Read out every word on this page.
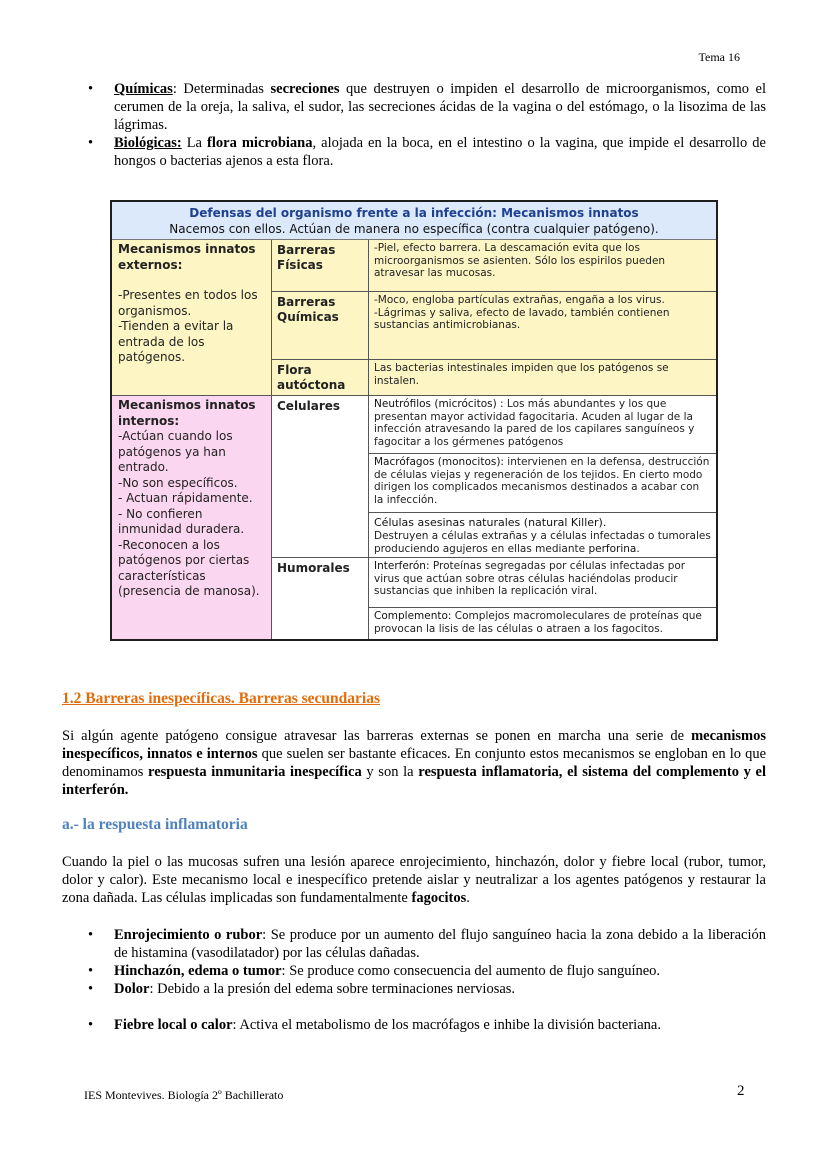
Tema 16
• Químicas: Determinadas secreciones que destruyen o impiden el desarrollo de microorganismos, como el cerumen de la oreja, la saliva, el sudor, las secreciones ácidas de la vagina o del estómago, o la lisozima de las lágrimas.
• Biológicas: La flora microbiana, alojada en la boca, en el intestino o la vagina, que impide el desarrollo de hongos o bacterias ajenos a esta flora.
Defensas del organismo frente a la infección: Mecanismos innatos
Nacemos con ellos. Actúan de manera no específica (contra cualquier patógeno).
Mecanismos innatos externos:
-Presentes en todos los organismos.
-Tienden a evitar la entrada de los patógenos.
Barreras Físicas
-Piel, efecto barrera. La descamación evita que los microorganismos se asienten. Sólo los espirilos pueden atravesar las mucosas.
Barreras Químicas
-Moco, engloba partículas extrañas, engaña a los virus.
-Lágrimas y saliva, efecto de lavado, también contienen sustancias antimicrobianas.
Flora autóctona
Las bacterias intestinales impiden que los patógenos se instalen.
Mecanismos innatos internos:
-Actúan cuando los patógenos ya han entrado.
-No son específicos.
- Actuan rápidamente.
- No confieren inmunidad duradera.
-Reconocen a los patógenos por ciertas características (presencia de manosa).
Celulares
Humorales
Neutrófilos (micrócitos) : Los más abundantes y los que presentan mayor actividad fagocitaria. Acuden al lugar de la infección atravesando la pared de los capilares sanguíneos y fagocitar a los gérmenes patógenos
Macrófagos (monocitos): intervienen en la defensa, destrucción de células viejas y regeneración de los tejidos. En cierto modo dirigen los complicados mecanismos destinados a acabar con la infección.
Células asesinas naturales (natural Killer).
Destruyen a células extrañas y a células infectadas o tumorales produciendo agujeros en ellas mediante perforina.
Interferón: Proteínas segregadas por células infectadas por virus que actúan sobre otras células haciéndolas producir sustancias que inhiben la replicación viral.
Complemento: Complejos macromoleculares de proteínas que provocan la lisis de las células o atraen a los fagocitos.
1.2 Barreras inespecíficas. Barreras secundarias

Si algún agente patógeno consigue atravesar las barreras externas se ponen en marcha una serie de mecanismos inespecíficos, innatos e internos que suelen ser bastante eficaces. En conjunto estos mecanismos se engloban en lo que denominamos respuesta inmunitaria inespecífica y son la respuesta inflamatoria, el sistema del complemento y el interferón.

a.- la respuesta inflamatoria

Cuando la piel o las mucosas sufren una lesión aparece enrojecimiento, hinchazón, dolor y fiebre local (rubor, tumor, dolor y calor). Este mecanismo local e inespecífico pretende aislar y neutralizar a los agentes patógenos y restaurar la zona dañada. Las células implicadas son fundamentalmente fagocitos.

• Enrojecimiento o rubor: Se produce por un aumento del flujo sanguíneo hacia la zona debido a la liberación de histamina (vasodilatador) por las células dañadas.
• Hinchazón, edema o tumor: Se produce como consecuencia del aumento de flujo sanguíneo.
• Dolor: Debido a la presión del edema sobre terminaciones nerviosas.
• Fiebre local o calor: Activa el metabolismo de los macrófagos e inhibe la división bacteriana.
IES Montevives. Biología 2º Bachillerato	2
